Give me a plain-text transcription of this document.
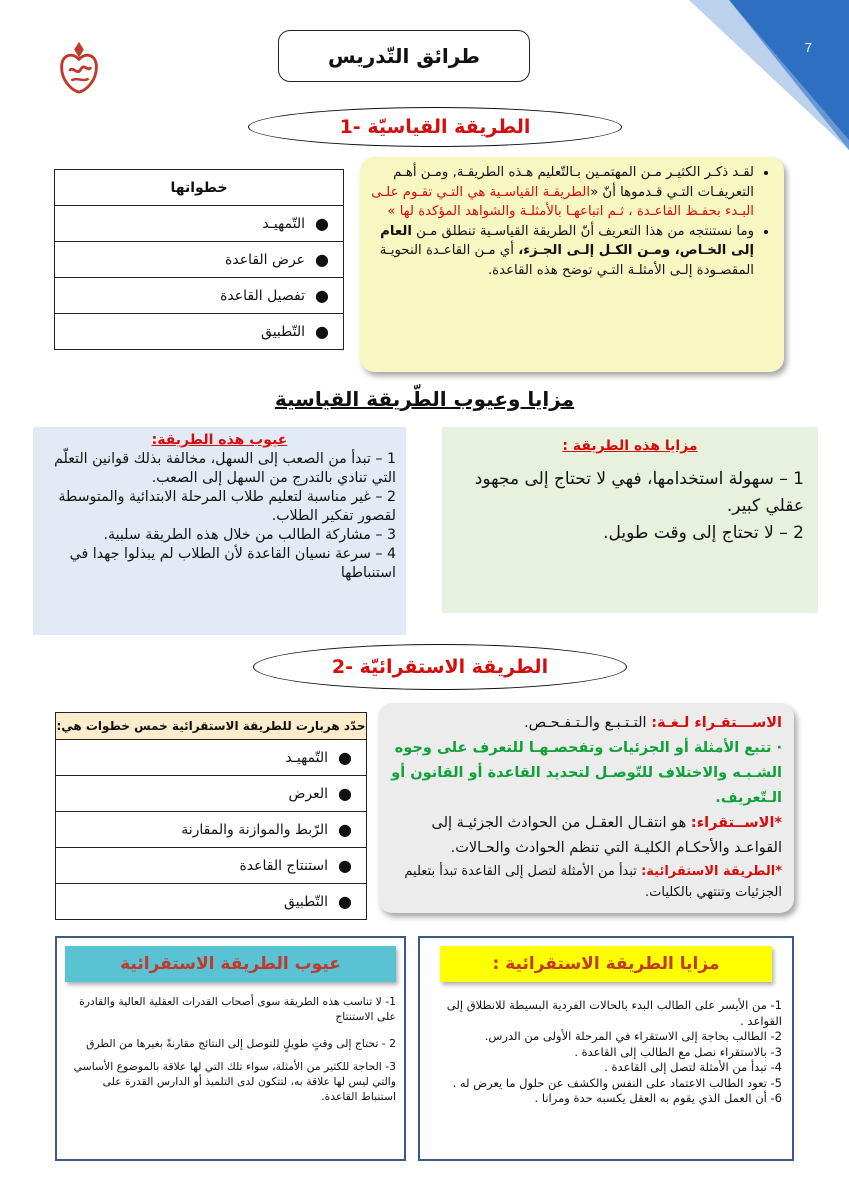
7
طرائق التّدريس
1- الطريقة القياسيّة
• لقـد ذكـر الكثيـر مـن المهتمـين بـالتّعليم هـذه الطريقـة, ومـن أهـم التعريفـات التـي قـدموها أنّ «الطريقـة القياسـية هي التـي تقـوم علـى البـدء بحفـظ القاعـدة ، ثـم اتباعهـا بالأمثلـة والشواهد المؤكدة لها »
• وما نستنتجه من هذا التعريف أنّ الطريقة القياسـية تنطلق مـن العام إلى الخـاص، ومـن الكـل إلـى الجـزء، أي مـن القاعـدة النحويـة المقصـودة إلـى الأمثلـة التـي توضح هذه القاعدة.
خطواتها
●
التّمهيـد
●
عرض القاعدة
●
تفصيل القاعدة
●
التّطبيق
مزايا وعيوب الطّريقة القياسية
عيوب هذه الطريقة:
1 – تبدأ من الصعب إلى السهل، مخالفة بذلك قوانين التعلّم التي تنادي بالتدرج من السهل إلى الصعب.
2 – غير مناسبة لتعليم طلاب المرحلة الابتدائية والمتوسطة لقصور تفكير الطلاب.
3 – مشاركة الطالب من خلال هذه الطريقة سلبية.
4 – سرعة نسيان القاعدة لأن الطلاب لم يبذلوا جهدا في استنباطها
مزايا هذه الطريقة :
1 – سهولة استخدامها، فهي لا تحتاج إلى مجهود عقلي كبير.
2 – لا تحتاج إلى وقت طويل.
2- الطريقة الاستقرائيّة
الاســـتقـراء لـغـة: التـتـبـع والـتـفـحـص.
· تتبع الأمثلة أو الجزئيات وتفحصـهـا للتعرف على وجوه الشـبـه والاختلاف للتّوصـل لتحديد القاعدة أو القانون أو الـتّعريف.
*الاســتقراء: هو انتقـال العقـل من الحوادث الجزئيـة إلى القواعـد والأحكـام الكليـة التي تنظم الحوادث والحـالات.
*الطريقة الاستقرائية: تبدأ من الأمثلة لتصل إلى القاعدة تبدأ بتعليم الجزئيات وتنتهي بالكليات.
حدّد هربارت للطريقة الاستقرائية خمس خطوات هي:
●
التّمهيـد
●
العرض
●
الرّبط والموازنة والمقارنة
●
استنتاج القاعدة
●
التّطبيق
عيوب الطريقة الاستقرائية
1- لا تناسب هذه الطريقة سوى أصحاب القدرات العقلية العالية والقادرة على الاستنتاج
2 - تحتاج إلى وقتٍ طويلٍ للتوصل إلى النتائج مقارنةً بغيرها من الطرق
3- الحاجة للكثير من الأمثلة، سواء تلك التي لها علاقة بالموضوع الأساسي والتي ليس لها علاقة به، لتتكون لدى التلميذ أو الدارس القدرة على استنباط القاعدة.
مزايا الطريقة الاستقرائية :
1- من الأيسر على الطالب البدء بالحالات الفردية البسيطة للانطلاق إلى القواعد .
2- الطالب بحاجة إلى الاستقراء في المرحلة الأولى من الدرس.
3- بالاستقراء نصل مع الطالب إلى القاعدة .
4- تبدأ من الأمثلة لتصل إلى القاعدة .
5- تعود الطالب الاعتماد على النفس والكشف عن حلول ما يعرض له .
6- أن العمل الذي يقوم به العقل يكسبه حدة ومرانا .
